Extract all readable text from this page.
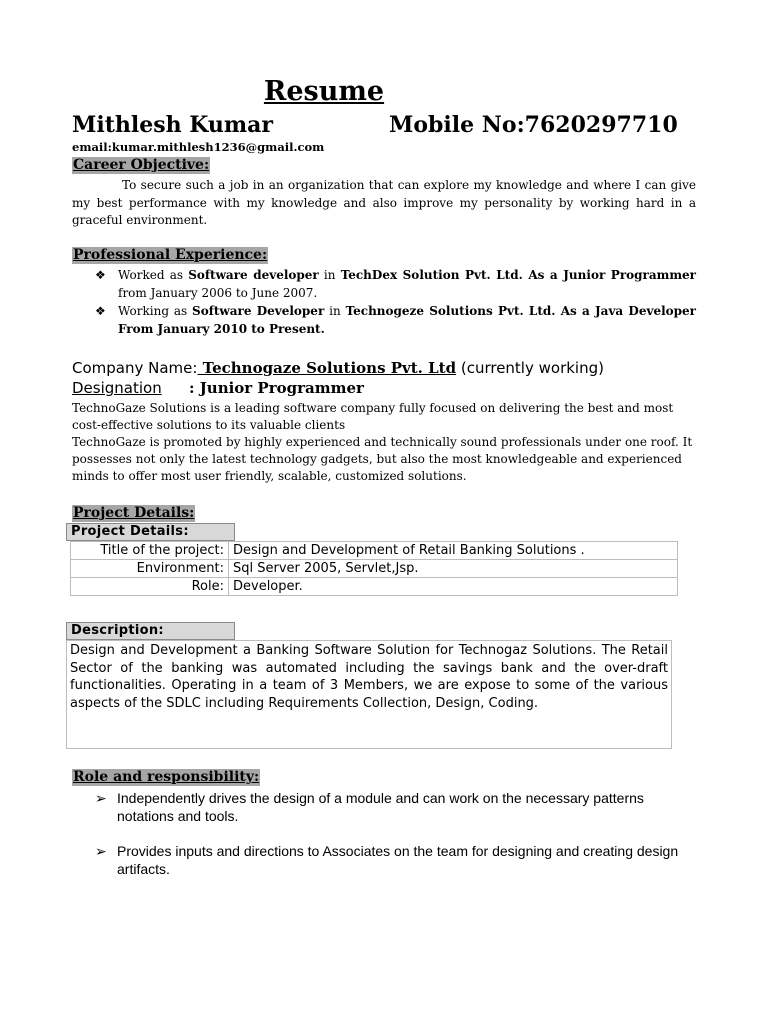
Resume
Mithlesh Kumar	Mobile No:7620297710
email:kumar.mithlesh1236@gmail.com
Career Objective:
To secure such a job in an organization that can explore my knowledge and where I can give my best performance with my knowledge and also improve my personality by working hard in a graceful environment.
Professional Experience:
❖	Worked as Software developer in TechDex Solution Pvt. Ltd. As a Junior Programmer from January 2006 to June 2007.
❖	Working as Software Developer in Technogeze Solutions Pvt. Ltd. As a Java Developer From January 2010 to Present.
Company Name: Technogaze Solutions Pvt. Ltd (currently working)
Designation : Junior Programmer
TechnoGaze Solutions is a leading software company fully focused on delivering the best and most cost-effective solutions to its valuable clients
TechnoGaze is promoted by highly experienced and technically sound professionals under one roof. It possesses not only the latest technology gadgets, but also the most knowledgeable and experienced minds to offer most user friendly, scalable, customized solutions.
Project Details:
Project Details:
Title of the project:	Design and Development of Retail Banking Solutions .
Environment:	Sql Server 2005, Servlet,Jsp.
Role:	Developer.
Description:
Design and Development a Banking Software Solution for Technogaz Solutions. The Retail Sector of the banking was automated including the savings bank and the over-draft functionalities. Operating in a team of 3 Members, we are expose to some of the various aspects of the SDLC including Requirements Collection, Design, Coding.
Role and responsibility:
➢ Independently drives the design of a module and can work on the necessary patterns notations and tools.
➢ Provides inputs and directions to Associates on the team for designing and creating design artifacts.
